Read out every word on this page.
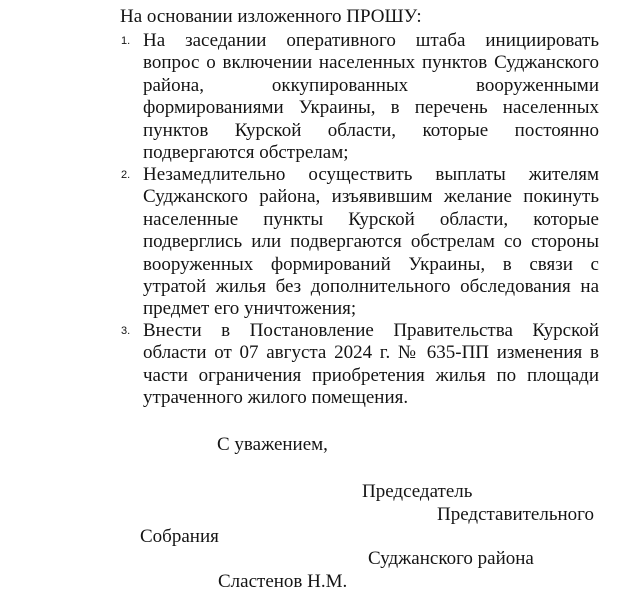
На основании изложенного ПРОШУ:
1. На заседании оперативного штаба инициировать вопрос о включении населенных пунктов Суджанского района, оккупированных вооруженными формированиями Украины, в перечень населенных пунктов Курской области, которые постоянно подвергаются обстрелам;
2. Незамедлительно осуществить выплаты жителям Суджанского района, изъявившим желание покинуть населенные пункты Курской области, которые подверглись или подвергаются обстрелам со стороны вооруженных формирований Украины, в связи с утратой жилья без дополнительного обследования на предмет его уничтожения;
3. Внести в Постановление Правительства Курской области от 07 августа 2024 г. № 635-ПП изменения в части ограничения приобретения жилья по площади утраченного жилого помещения.
С уважением,
Председатель
Представительного
Собрания
Суджанского района
Сластенов Н.М.
